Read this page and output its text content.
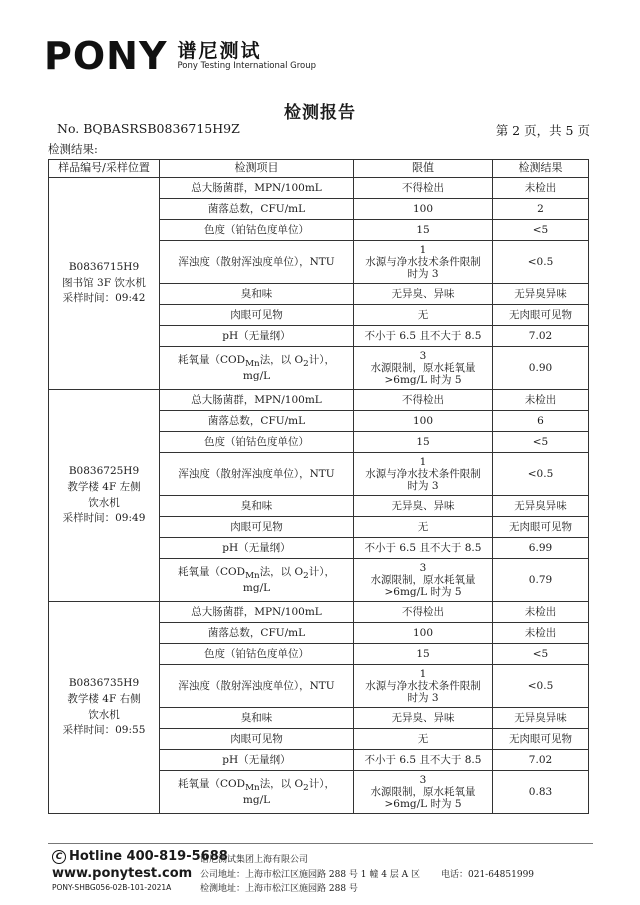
PONY 谱尼测试
Pony Testing International Group
检测报告
No. BQBASRSB0836715H9Z	第 2 页，共 5 页
检测结果:
样品编号/采样位置	检测项目	限值	检测结果
B0836715H9
图书馆 3F 饮水机
采样时间：09:42	总大肠菌群，MPN/100mL	不得检出	未检出
	菌落总数，CFU/mL	100	2
	色度（铂钴色度单位）	15	<5
	浑浊度（散射浑浊度单位），NTU	1
水源与净水技术条件限制
时为 3	<0.5
	臭和味	无异臭、异味	无异臭异味
	肉眼可见物	无	无肉眼可见物
	pH（无量纲）	不小于 6.5 且不大于 8.5	7.02
	耗氧量（$COD_{Mn}$法，以 $O_2$计），
mg/L	3
水源限制，原水耗氧量
>6mg/L 时为 5	0.90
B0836725H9
教学楼 4F 左侧
饮水机
采样时间：09:49	总大肠菌群，MPN/100mL	不得检出	未检出
	菌落总数，CFU/mL	100	6
	色度（铂钴色度单位）	15	<5
	浑浊度（散射浑浊度单位），NTU	1
水源与净水技术条件限制
时为 3	<0.5
	臭和味	无异臭、异味	无异臭异味
	肉眼可见物	无	无肉眼可见物
	pH（无量纲）	不小于 6.5 且不大于 8.5	6.99
	耗氧量（$COD_{Mn}$法，以 $O_2$计），
mg/L	3
水源限制，原水耗氧量
>6mg/L 时为 5	0.79
B0836735H9
教学楼 4F 右侧
饮水机
采样时间：09:55	总大肠菌群，MPN/100mL	不得检出	未检出
	菌落总数，CFU/mL	100	未检出
	色度（铂钴色度单位）	15	<5
	浑浊度（散射浑浊度单位），NTU	1
水源与净水技术条件限制
时为 3	<0.5
	臭和味	无异臭、异味	无异臭异味
	肉眼可见物	无	无肉眼可见物
	pH（无量纲）	不小于 6.5 且不大于 8.5	7.02
	耗氧量（$COD_{Mn}$法，以 $O_2$计），
mg/L	3
水源限制，原水耗氧量
>6mg/L 时为 5	0.83
C Hotline 400-819-5688
www.ponytest.com
PONY-SHBG056-02B-101-2021A
谱尼测试集团上海有限公司
公司地址：上海市松江区施园路 288 号 1 幢 4 层 A 区
检测地址：上海市松江区施园路 288 号
电话：021-64851999
